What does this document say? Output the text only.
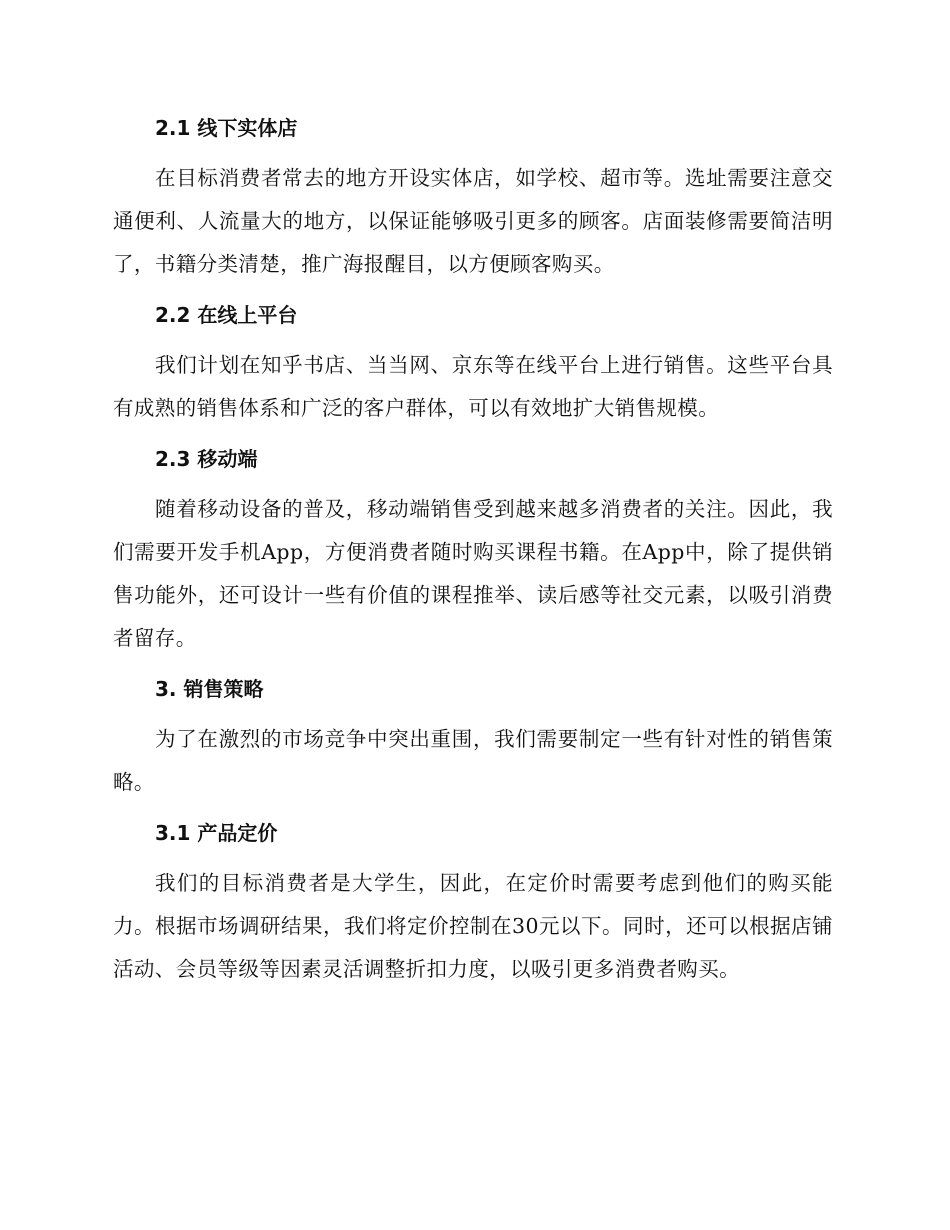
2.1 线下实体店

在目标消费者常去的地方开设实体店，如学校、超市等。选址需要注意交通便利、人流量大的地方，以保证能够吸引更多的顾客。店面装修需要简洁明了，书籍分类清楚，推广海报醒目，以方便顾客购买。

2.2 在线上平台

我们计划在知乎书店、当当网、京东等在线平台上进行销售。这些平台具有成熟的销售体系和广泛的客户群体，可以有效地扩大销售规模。

2.3 移动端

随着移动设备的普及，移动端销售受到越来越多消费者的关注。因此，我们需要开发手机App，方便消费者随时购买课程书籍。在App中，除了提供销售功能外，还可设计一些有价值的课程推举、读后感等社交元素，以吸引消费者留存。

3. 销售策略

为了在激烈的市场竞争中突出重围，我们需要制定一些有针对性的销售策略。

3.1 产品定价

我们的目标消费者是大学生，因此，在定价时需要考虑到他们的购买能力。根据市场调研结果，我们将定价控制在30元以下。同时，还可以根据店铺活动、会员等级等因素灵活调整折扣力度，以吸引更多消费者购买。
